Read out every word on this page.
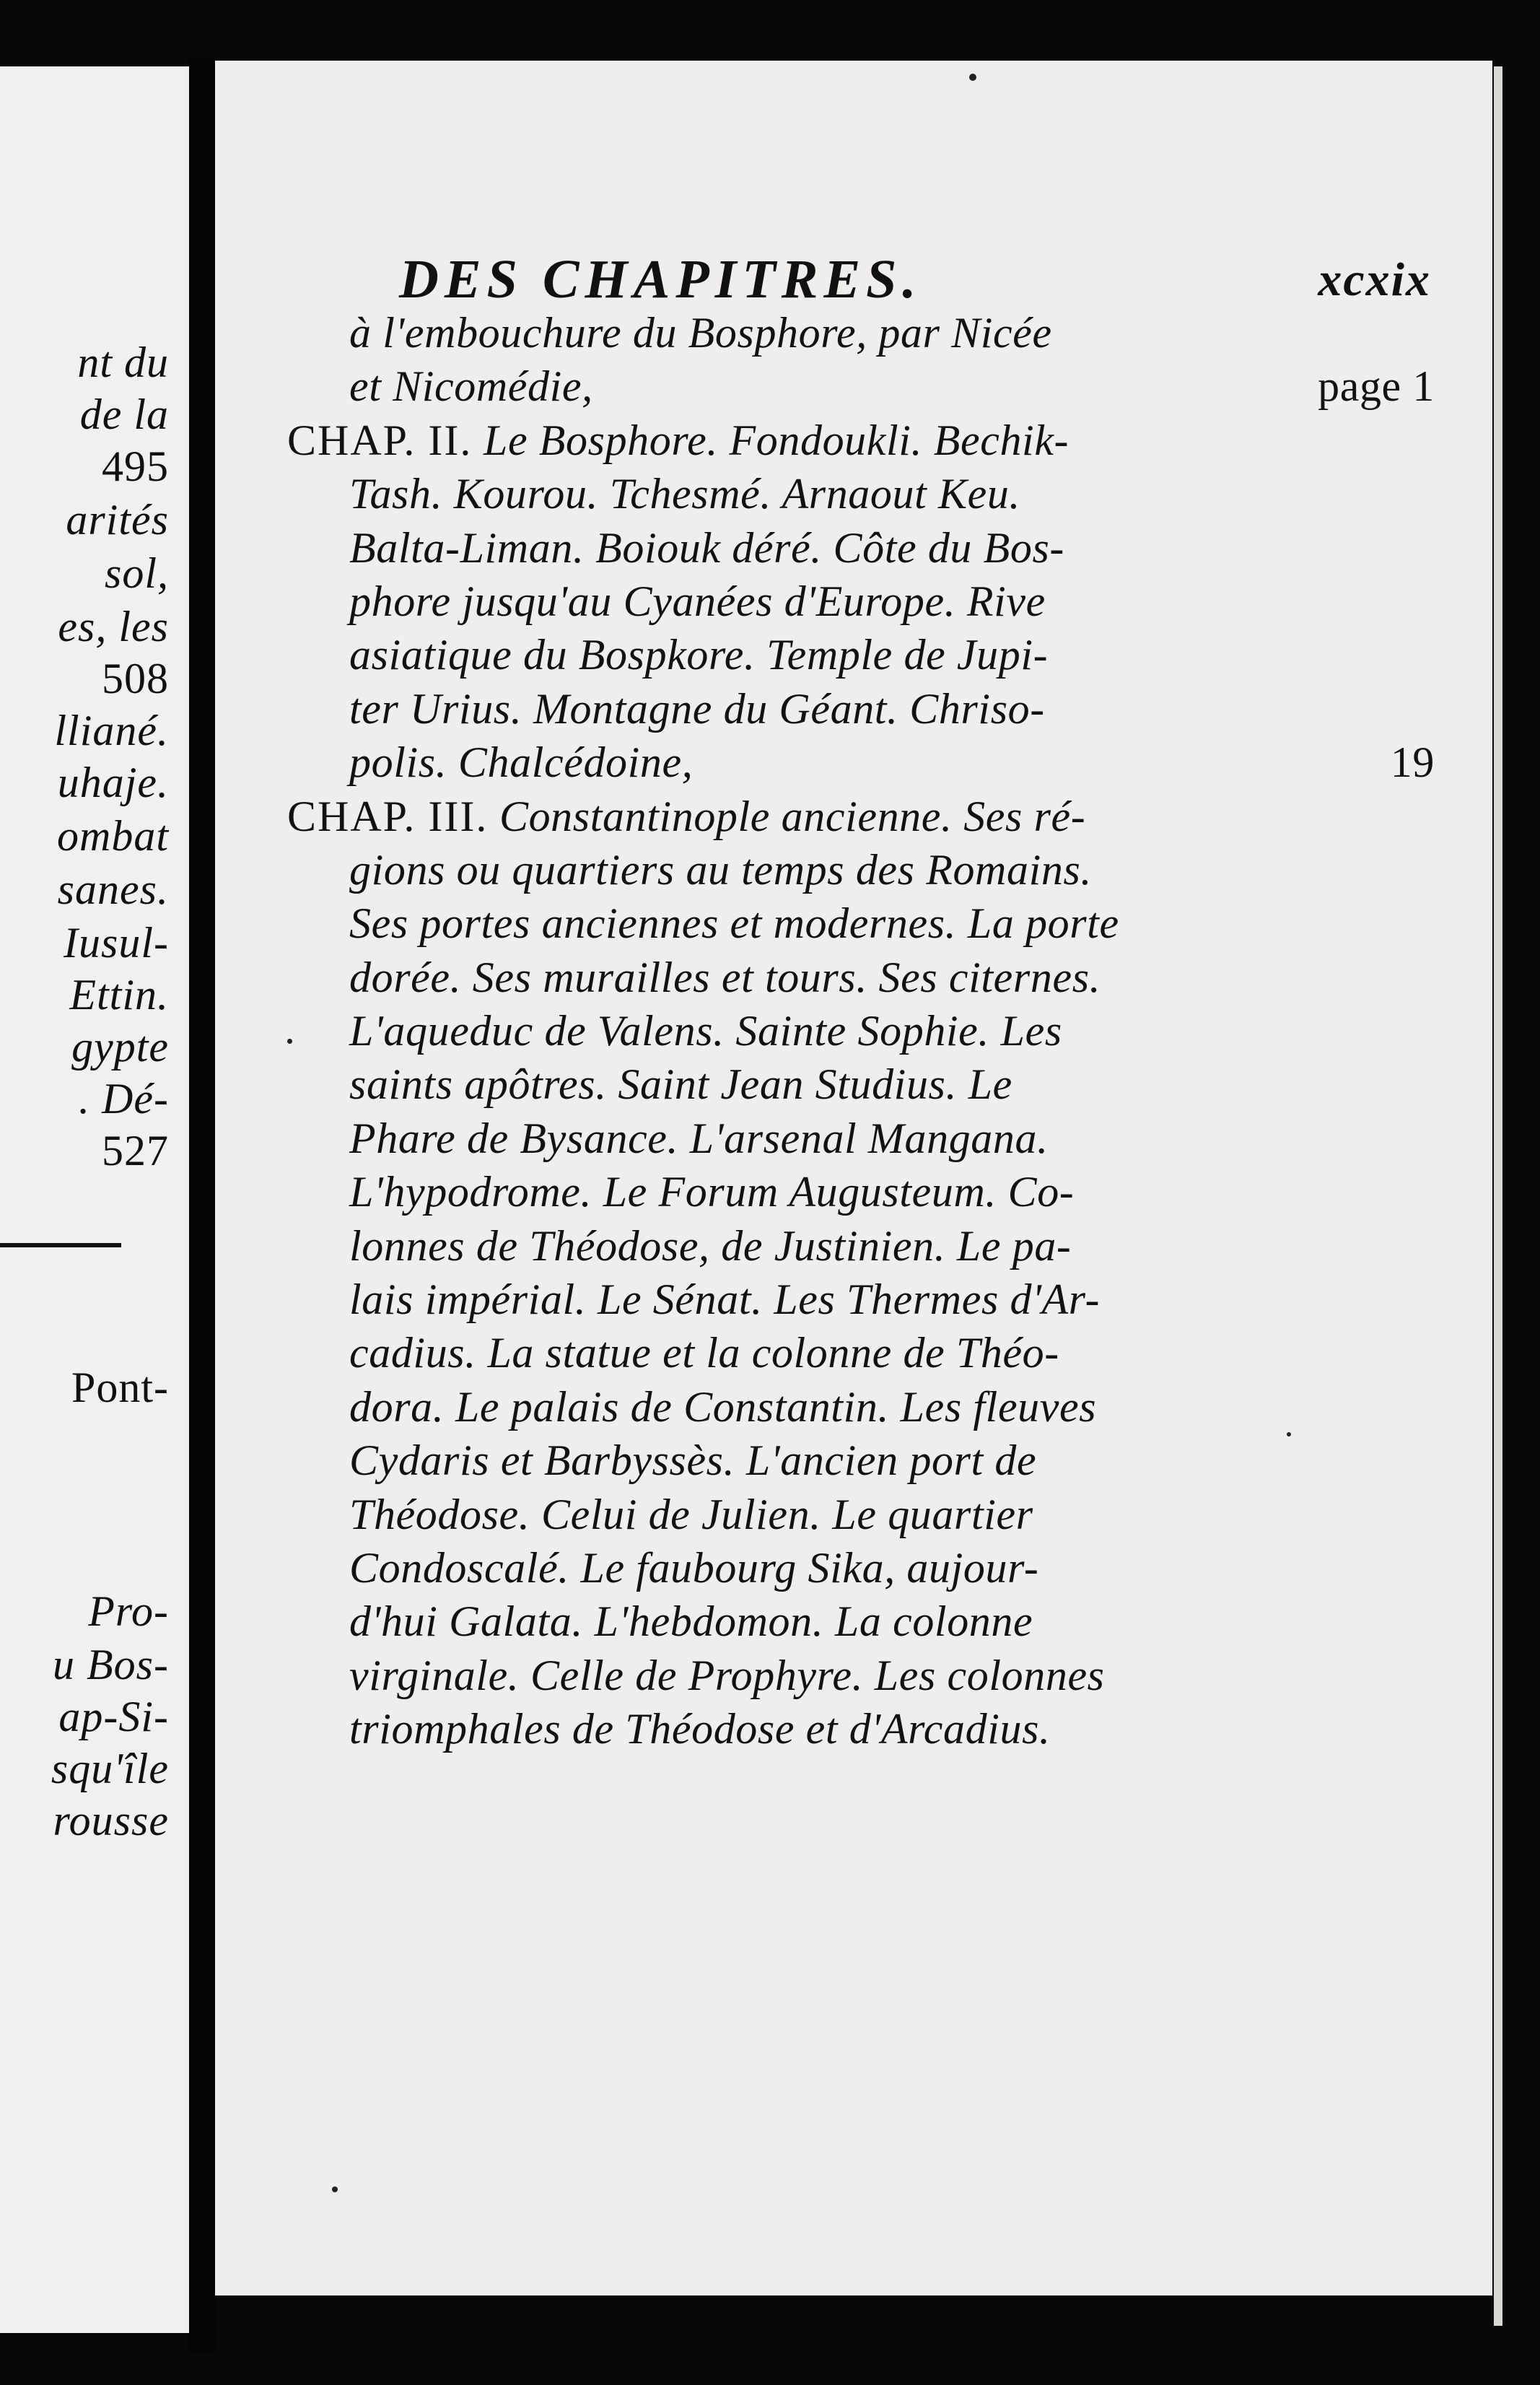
nt du

de la

495

arités

sol,

es, les

508

lliané.

uhaje.

ombat

sanes.

Iusul-

Ettin.

gypte

. Dé-

527

Pont-

Pro-

u Bos-

ap-Si-

squ'île

rousse

DES CHAPITRES.	xcxix
à l'embouchure du Bosphore, par Nicée
et Nicomédie,	page 1
CHAP. II. Le Bosphore. Fondoukli. Bechik-
Tash. Kourou. Tchesmé. Arnaout Keu.
Balta-Liman. Boiouk déré. Côte du Bos-
phore jusqu'au Cyanées d'Europe. Rive
asiatique du Bospkore. Temple de Jupi-
ter Urius. Montagne du Géant. Chriso-
polis. Chalcédoine,	19
CHAP. III. Constantinople ancienne. Ses ré-
gions ou quartiers au temps des Romains.
Ses portes anciennes et modernes. La porte
dorée. Ses murailles et tours. Ses citernes.
L'aqueduc de Valens. Sainte Sophie. Les
saints apôtres. Saint Jean Studius. Le
Phare de Bysance. L'arsenal Mangana.
L'hypodrome. Le Forum Augusteum. Co-
lonnes de Théodose, de Justinien. Le pa-
lais impérial. Le Sénat. Les Thermes d'Ar-
cadius. La statue et la colonne de Théo-
dora. Le palais de Constantin. Les fleuves
Cydaris et Barbyssès. L'ancien port de
Théodose. Celui de Julien. Le quartier
Condoscalé. Le faubourg Sika, aujour-
d'hui Galata. L'hebdomon. La colonne
virginale. Celle de Prophyre. Les colonnes
triomphales de Théodose et d'Arcadius.
